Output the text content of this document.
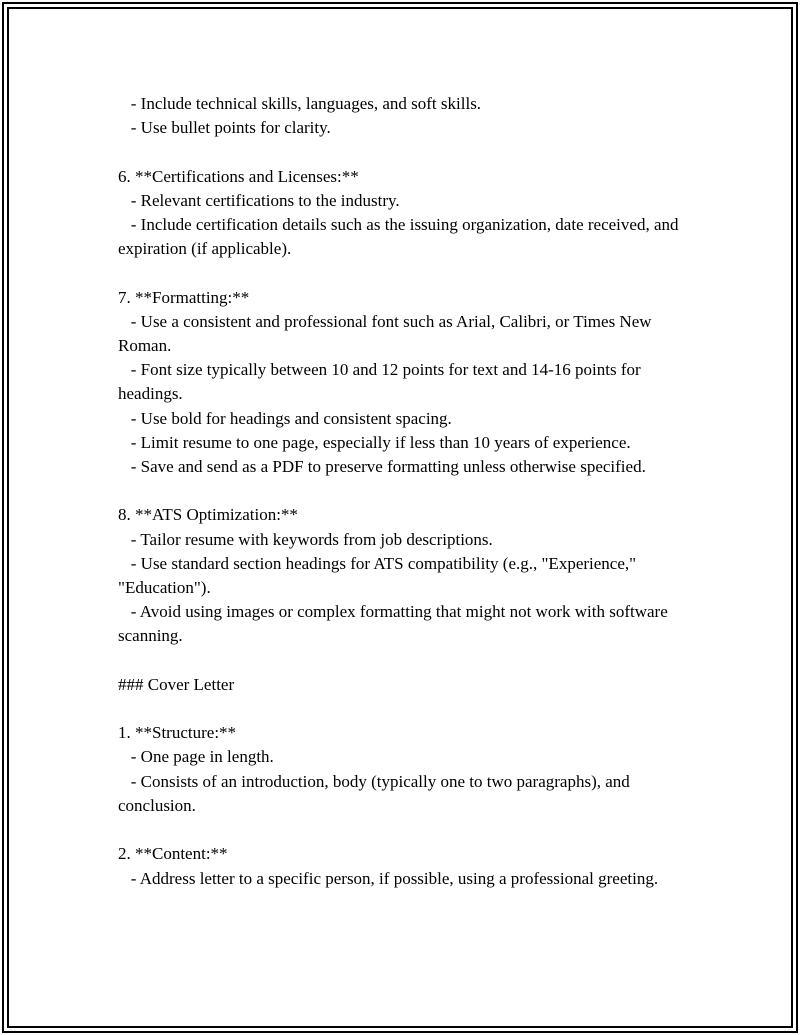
- Include technical skills, languages, and soft skills.
- Use bullet points for clarity.

6. **Certifications and Licenses:**
- Relevant certifications to the industry.
- Include certification details such as the issuing organization, date received, and expiration (if applicable).

7. **Formatting:**
- Use a consistent and professional font such as Arial, Calibri, or Times New Roman.
- Font size typically between 10 and 12 points for text and 14-16 points for headings.
- Use bold for headings and consistent spacing.
- Limit resume to one page, especially if less than 10 years of experience.
- Save and send as a PDF to preserve formatting unless otherwise specified.

8. **ATS Optimization:**
- Tailor resume with keywords from job descriptions.
- Use standard section headings for ATS compatibility (e.g., "Experience," "Education").
- Avoid using images or complex formatting that might not work with software scanning.

### Cover Letter

1. **Structure:**
- One page in length.
- Consists of an introduction, body (typically one to two paragraphs), and conclusion.

2. **Content:**
- Address letter to a specific person, if possible, using a professional greeting.
